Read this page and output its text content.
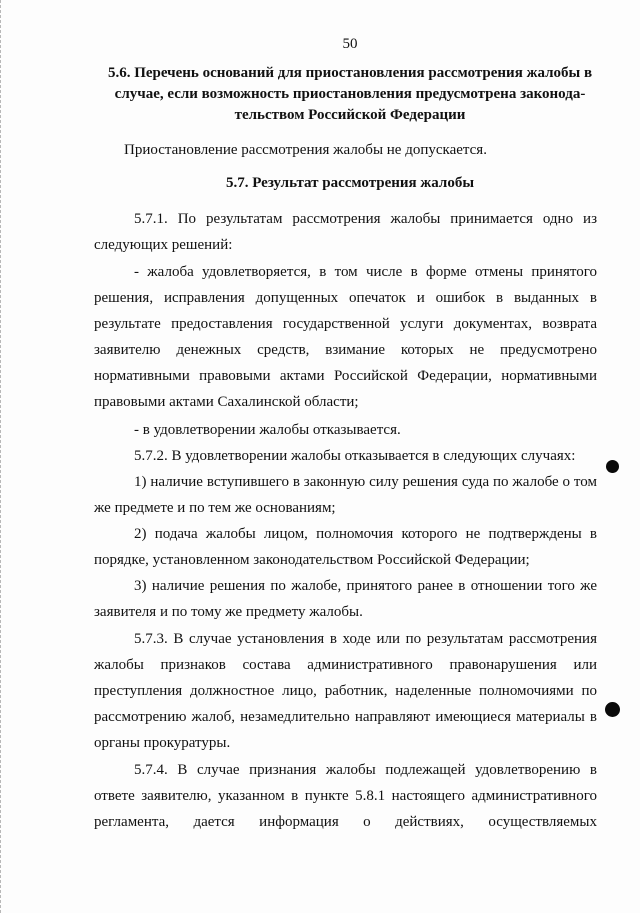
50

5.6. Перечень оснований для приостановления рассмотрения жалобы в случае, если возможность приостановления предусмотрена законода-тельством Российской Федерации

Приостановление рассмотрения жалобы не допускается.

5.7. Результат рассмотрения жалобы

5.7.1. По результатам рассмотрения жалобы принимается одно из следующих решений:

- жалоба удовлетворяется, в том числе в форме отмены принятого решения, исправления допущенных опечаток и ошибок в выданных в результате предоставления государственной услуги документах, возврата заявителю денежных средств, взимание которых не предусмотрено нормативными правовыми актами Российской Федерации, нормативными правовыми актами Сахалинской области;

- в удовлетворении жалобы отказывается.

5.7.2. В удовлетворении жалобы отказывается в следующих случаях:

1) наличие вступившего в законную силу решения суда по жалобе о том же предмете и по тем же основаниям;

2) подача жалобы лицом, полномочия которого не подтверждены в порядке, установленном законодательством Российской Федерации;

3) наличие решения по жалобе, принятого ранее в отношении того же заявителя и по тому же предмету жалобы.

5.7.3. В случае установления в ходе или по результатам рассмотрения жалобы признаков состава административного правонарушения или преступления должностное лицо, работник, наделенные полномочиями по рассмотрению жалоб, незамедлительно направляют имеющиеся материалы в органы прокуратуры.

5.7.4. В случае признания жалобы подлежащей удовлетворению в ответе заявителю, указанном в пункте 5.8.1 настоящего административного регламента, дается информация о действиях, осуществляемых
